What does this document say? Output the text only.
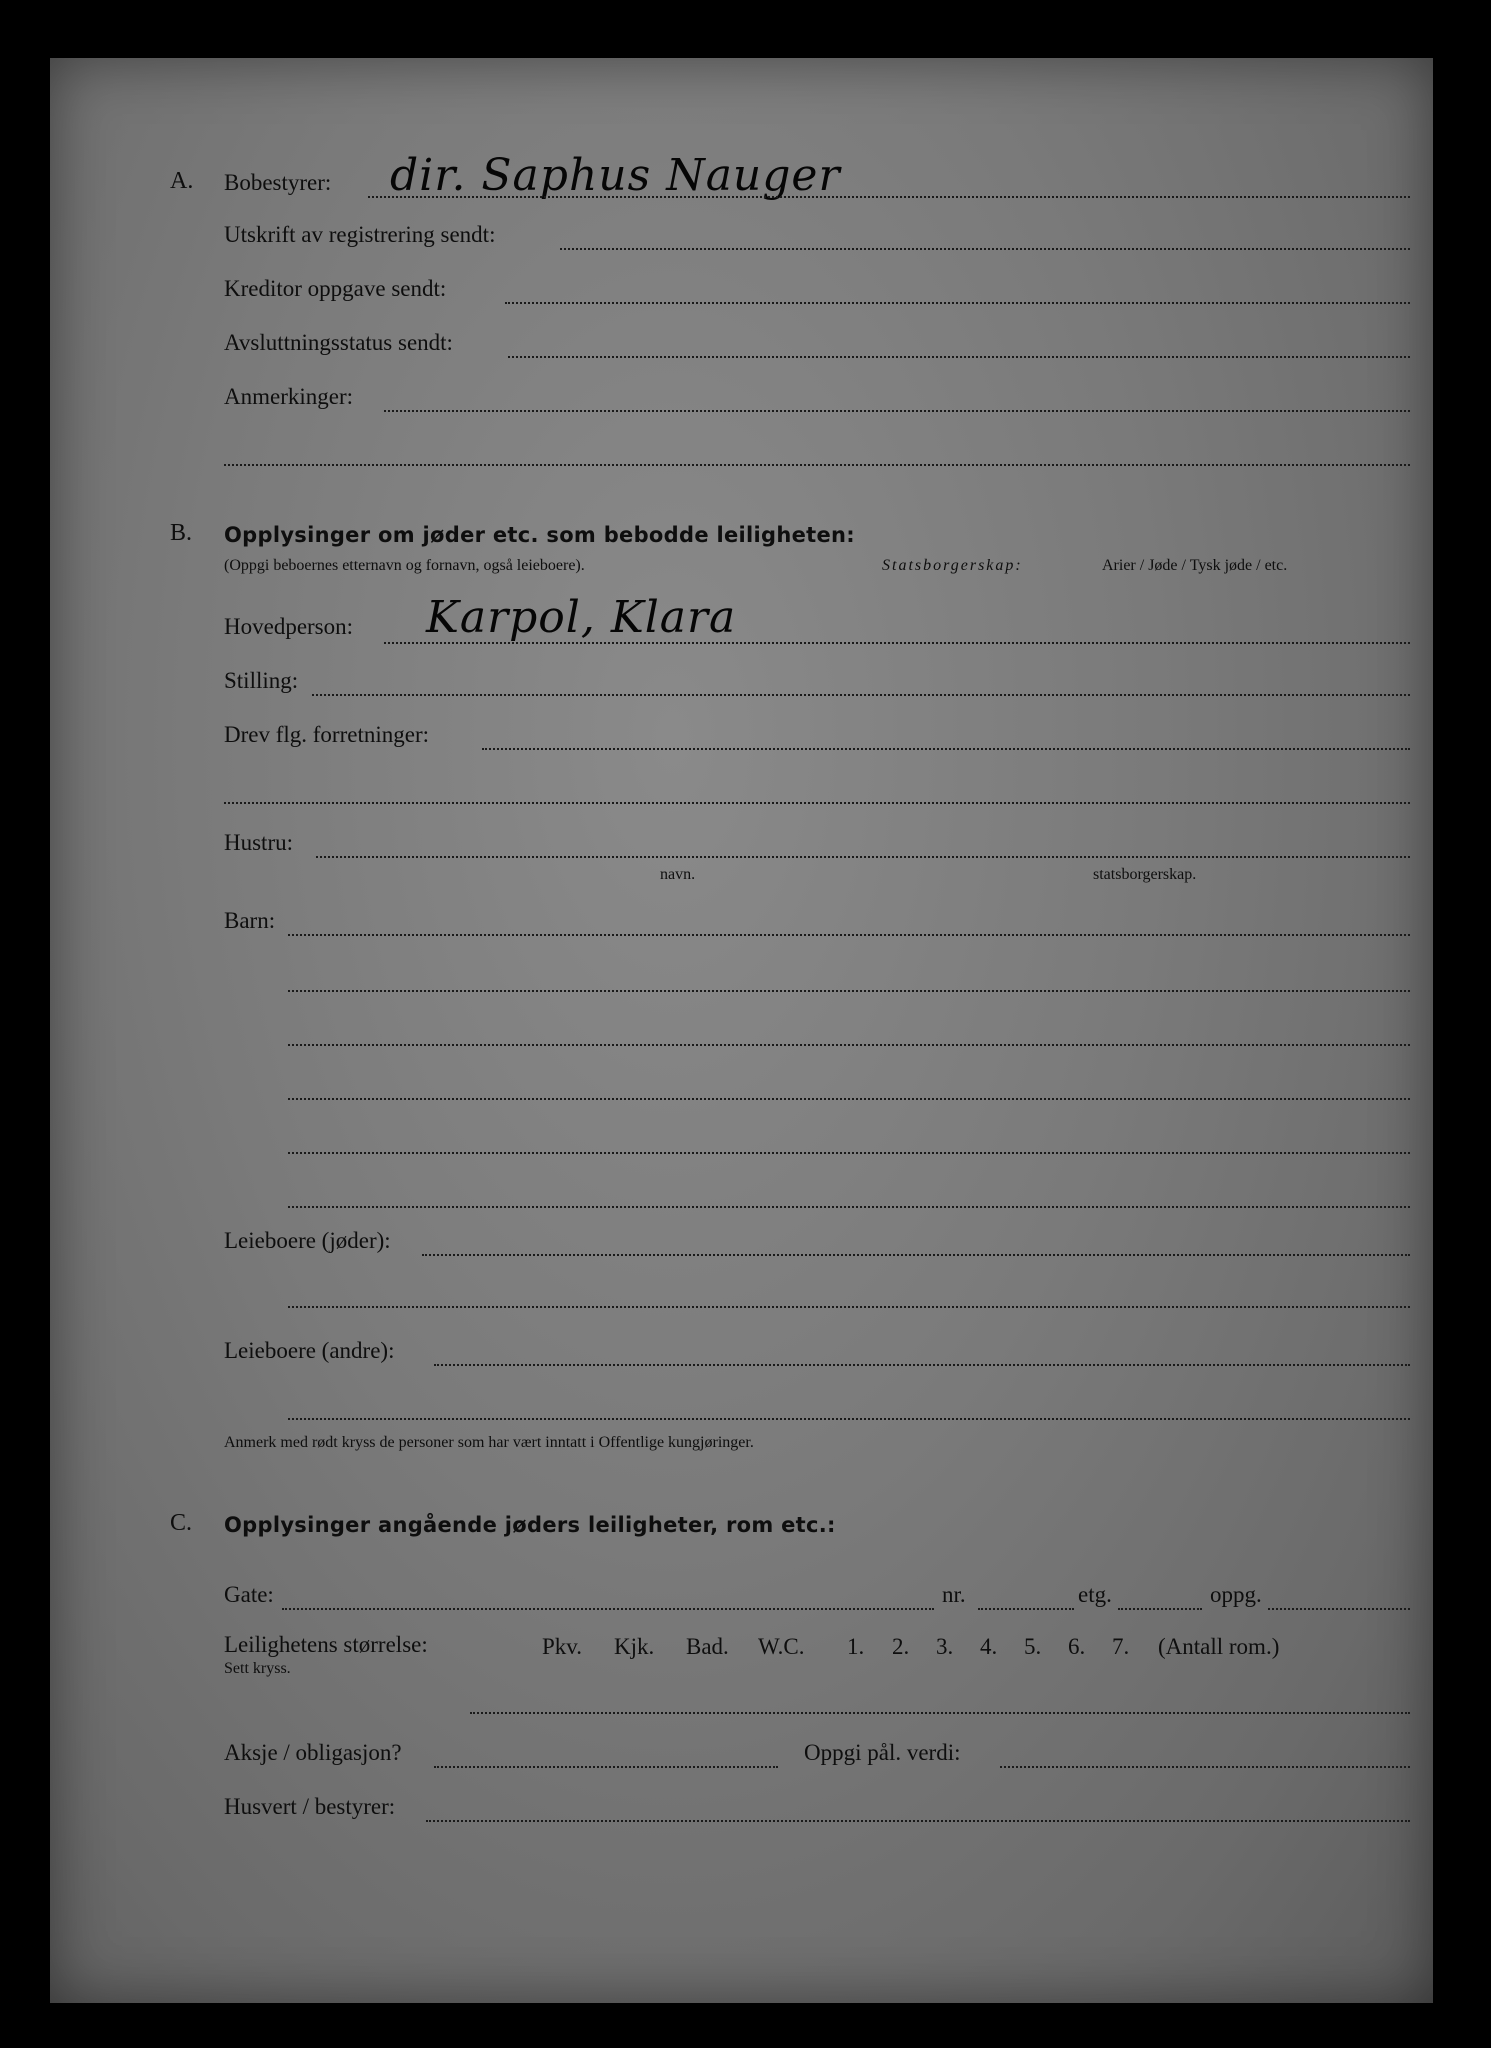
A. Bobestyrer: dir. Saphus Nauger
Utskrift av registrering sendt:
Kreditor oppgave sendt:
Avsluttningsstatus sendt:
Anmerkinger:
B. Opplysinger om jøder etc. som bebodde leiligheten:
(Oppgi beboernes etternavn og fornavn, også leieboere).	Statsborgerskap:	Arier / Jøde / Tysk jøde / etc.
Hovedperson: Karpol, Klara
Stilling:
Drev flg. forretninger:
Hustru:
navn.	statsborgerskap.
Barn:
Leieboere (jøder):
Leieboere (andre):
Anmerk med rødt kryss de personer som har vært inntatt i Offentlige kungjøringer.
C. Opplysinger angående jøders leiligheter, rom etc.:
Gate:	nr.	etg.	oppg.
Leilighetens størrelse:
Sett kryss.
Pkv. Kjk. Bad. W.C. 1. 2. 3. 4. 5. 6. 7. (Antall rom.)
Aksje / obligasjon?	Oppgi pål. verdi:
Husvert / bestyrer:
